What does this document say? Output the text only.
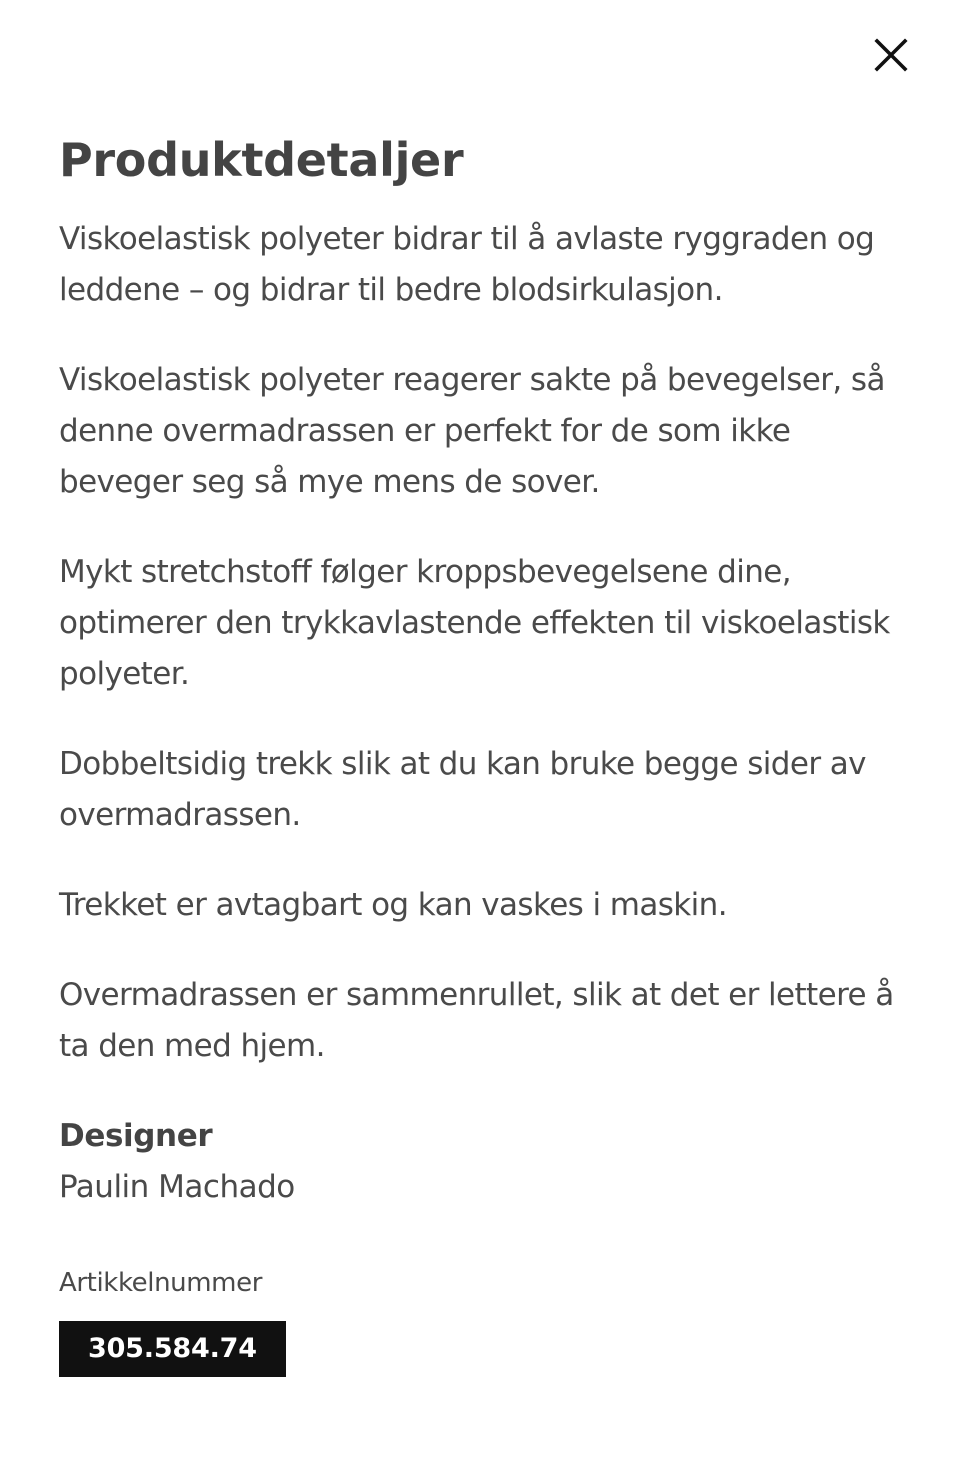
Produktdetaljer

Viskoelastisk polyeter bidrar til å avlaste ryggraden og leddene – og bidrar til bedre blodsirkulasjon.

Viskoelastisk polyeter reagerer sakte på bevegelser, så denne overmadrassen er perfekt for de som ikke beveger seg så mye mens de sover.

Mykt stretchstoff følger kroppsbevegelsene dine, optimerer den trykkavlastende effekten til viskoelastisk polyeter.

Dobbeltsidig trekk slik at du kan bruke begge sider av overmadrassen.

Trekket er avtagbart og kan vaskes i maskin.

Overmadrassen er sammenrullet, slik at det er lettere å ta den med hjem.

Designer

Paulin Machado

Artikkelnummer

305.584.74
